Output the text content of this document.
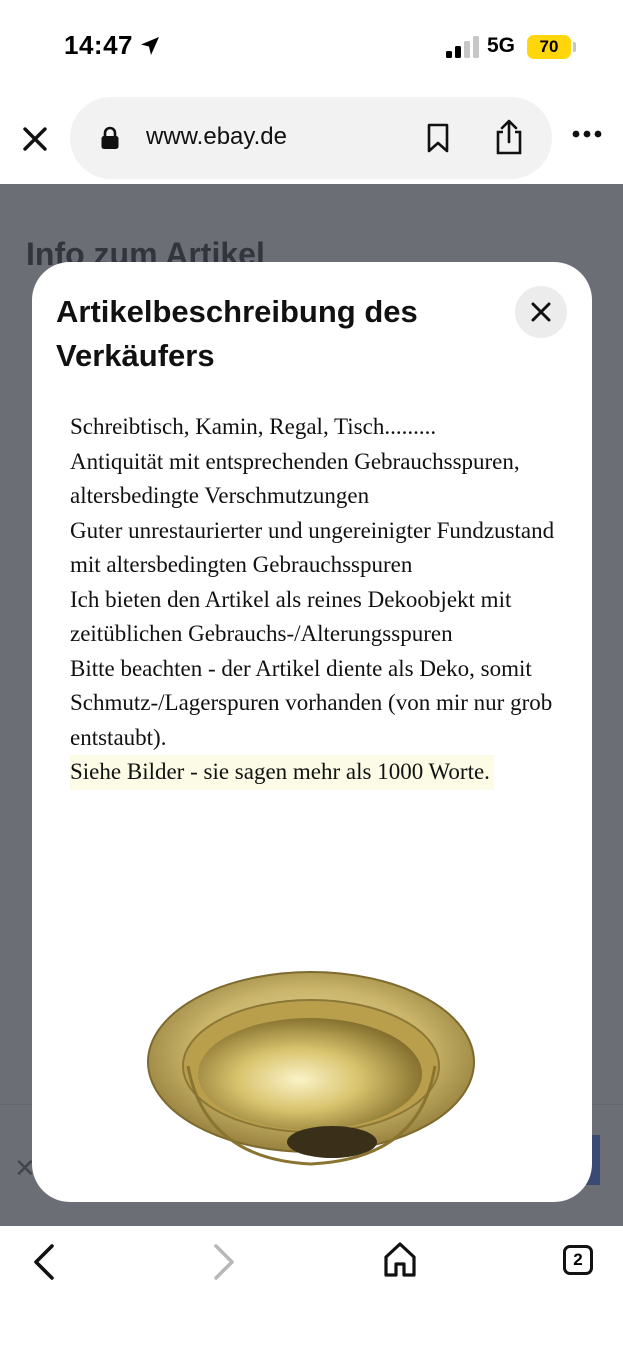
14:47	5G	70
www.ebay.de
Artikelbeschreibung des Verkäufers

Schreibtisch, Kamin, Regal, Tisch.........

Antiquität mit entsprechenden Gebrauchsspuren, altersbedingte Verschmutzungen

Guter unrestaurierter und ungereinigter Fundzustand mit altersbedingten Gebrauchsspuren

Ich bieten den Artikel als reines Dekoobjekt mit zeitüblichen Gebrauchs-/Alterungsspuren

Bitte beachten - der Artikel diente als Deko, somit Schmutz-/Lagerspuren vorhanden (von mir nur grob entstaubt).

Siehe Bilder - sie sagen mehr als 1000 Worte.

2
